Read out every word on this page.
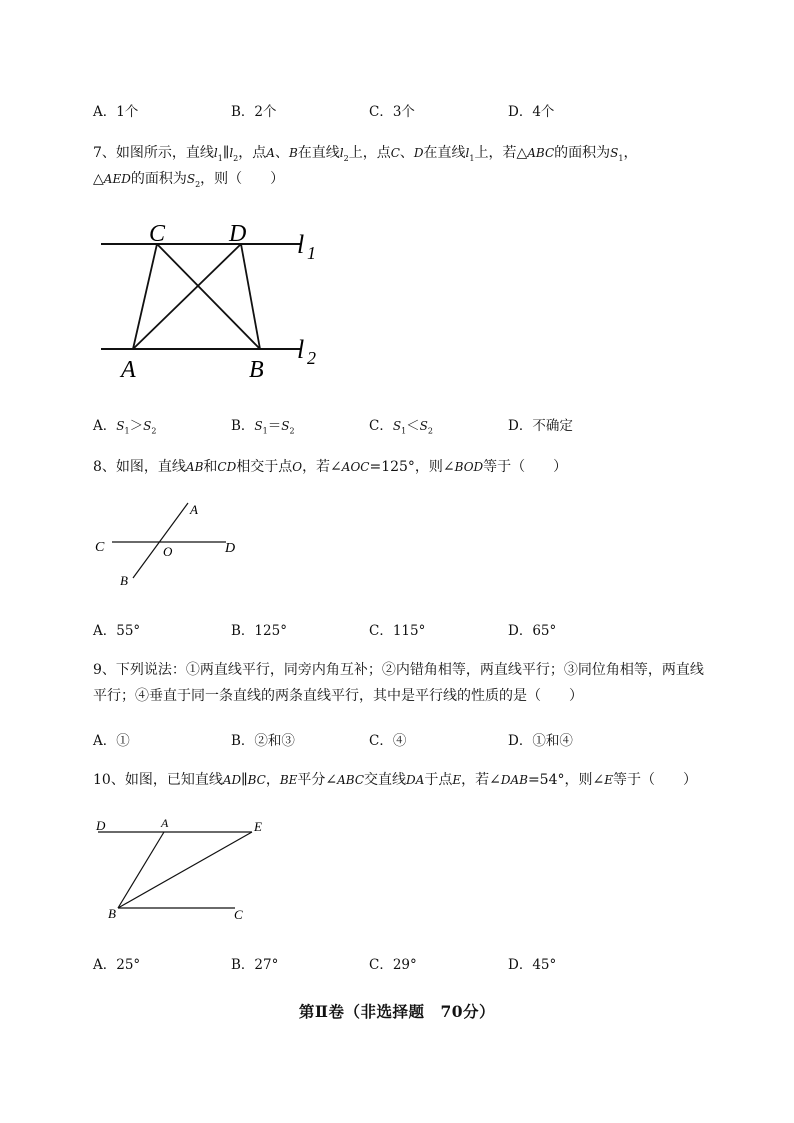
A．1个	B．2个	C．3个	D．4个
7、如图所示，直线$l_1\parallel l_2$，点A、B在直线$l_2$上，点C、D在直线$l_1$上，若△ABC的面积为$S_1$，
△AED的面积为$S_2$，则（　　）
C	D
A	B
l 1
l 2
A．$S_1>S_2$	B．$S_1=S_2$	C．$S_1<S_2$	D．不确定
8、如图，直线AB和CD相交于点O，若∠AOC=125°，则∠BOD等于（　　）
A
B
C	D
O
A．55°	B．125°	C．115°	D．65°
9、下列说法：①两直线平行，同旁内角互补；②内错角相等，两直线平行；③同位角相等，两直线
平行；④垂直于同一条直线的两条直线平行，其中是平行线的性质的是（　　）
A．①	B．②和③	C．④	D．①和④
10、如图，已知直线AD∥BC，BE平分∠ABC交直线DA于点E，若∠DAB=54°，则∠E等于（　　）
D	A	E
B	C
A．25°	B．27°	C．29°	D．45°
第Ⅱ卷（非选择题　70分）
